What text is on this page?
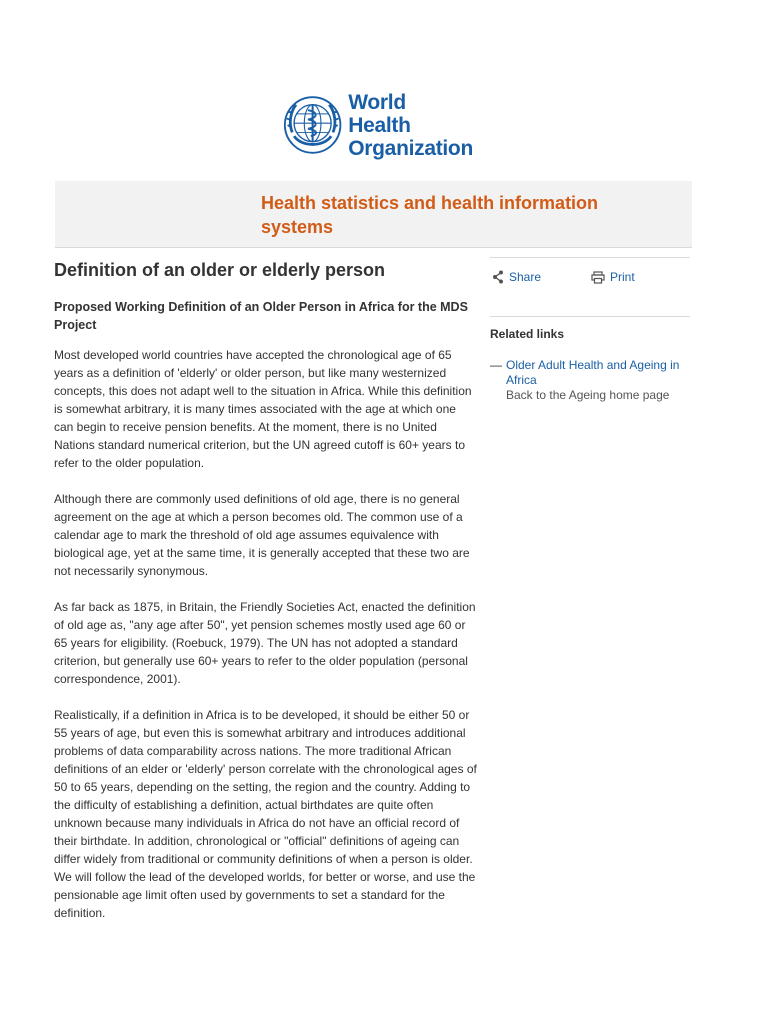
World Health
Organization
Health statistics and health information systems
Definition of an older or elderly person
Proposed Working Definition of an Older Person in Africa for the MDS Project

Most developed world countries have accepted the chronological age of 65 years as a definition of 'elderly' or older person, but like many westernized concepts, this does not adapt well to the situation in Africa. While this definition is somewhat arbitrary, it is many times associated with the age at which one can begin to receive pension benefits. At the moment, there is no United Nations standard numerical criterion, but the UN agreed cutoff is 60+ years to refer to the older population.

Although there are commonly used definitions of old age, there is no general agreement on the age at which a person becomes old. The common use of a calendar age to mark the threshold of old age assumes equivalence with biological age, yet at the same time, it is generally accepted that these two are not necessarily synonymous.

As far back as 1875, in Britain, the Friendly Societies Act, enacted the definition of old age as, "any age after 50", yet pension schemes mostly used age 60 or 65 years for eligibility. (Roebuck, 1979). The UN has not adopted a standard criterion, but generally use 60+ years to refer to the older population (personal correspondence, 2001).

Realistically, if a definition in Africa is to be developed, it should be either 50 or 55 years of age, but even this is somewhat arbitrary and introduces additional problems of data comparability across nations. The more traditional African definitions of an elder or 'elderly' person correlate with the chronological ages of 50 to 65 years, depending on the setting, the region and the country. Adding to the difficulty of establishing a definition, actual birthdates are quite often unknown because many individuals in Africa do not have an official record of their birthdate. In addition, chronological or "official" definitions of ageing can differ widely from traditional or community definitions of when a person is older. We will follow the lead of the developed worlds, for better or worse, and use the pensionable age limit often used by governments to set a standard for the definition.

Share	Print
Related links
— Older Adult Health and Ageing in Africa
Back to the Ageing home page
